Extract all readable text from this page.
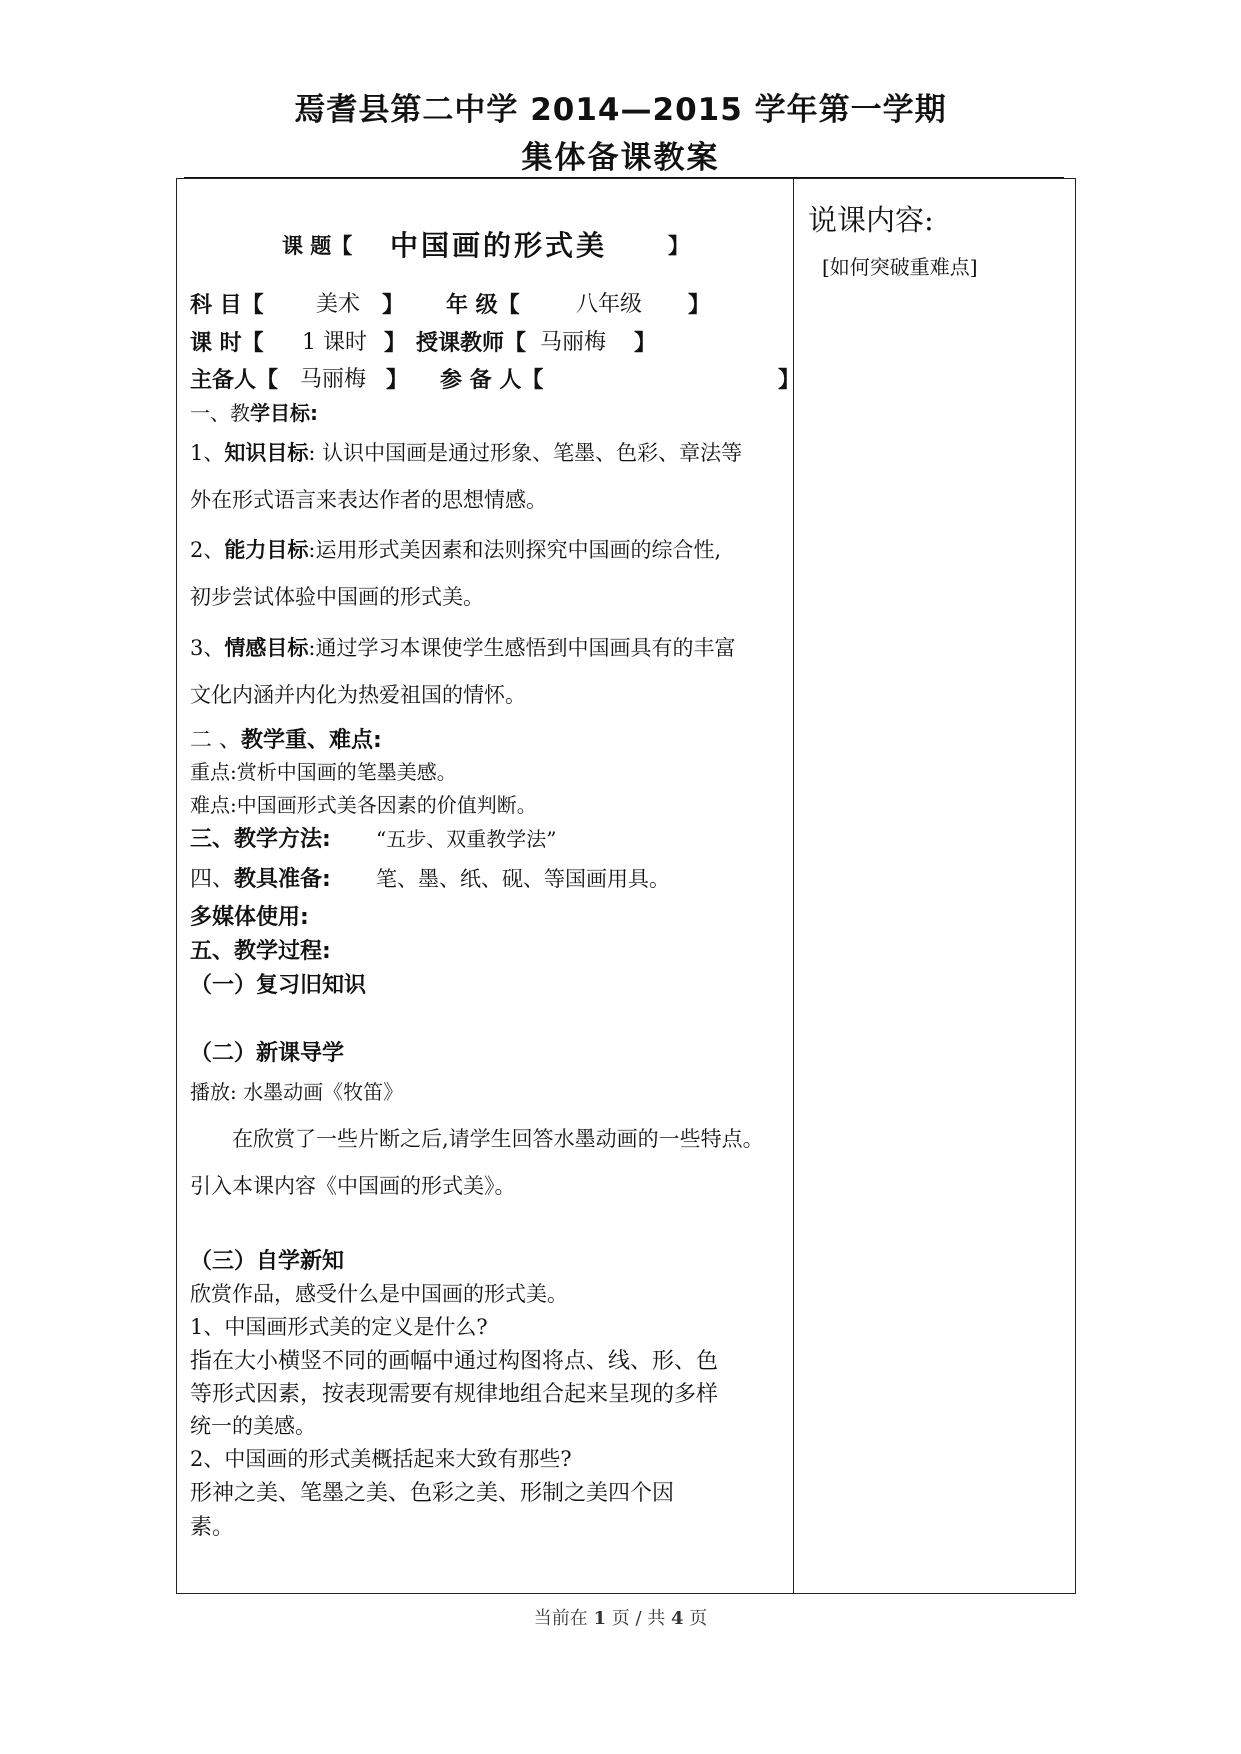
焉耆县第二中学 2014—2015 学年第一学期
集体备课教案
课 题【 中国画的形式美	】
科 目【 美术 】 年 级【	八年级 】
课 时【 1 课时 】 授课教师【 马丽梅 】
主备人【 马丽梅 】 参 备 人【	】
一、教学目标:
1、知识目标: 认识中国画是通过形象、笔墨、色彩、章法等
外在形式语言来表达作者的思想情感。
2、能力目标:运用形式美因素和法则探究中国画的综合性,
初步尝试体验中国画的形式美。
3、情感目标:通过学习本课使学生感悟到中国画具有的丰富
文化内涵并内化为热爱祖国的情怀。
二 、教学重、难点:
重点:赏析中国画的笔墨美感。
难点:中国画形式美各因素的价值判断。
三、教学方法: “五步、双重教学法”
四、教具准备: 笔、墨、纸、砚、等国画用具。
多媒体使用:
五、教学过程:
（一）复习旧知识
（二）新课导学
播放: 水墨动画《牧笛》
在欣赏了一些片断之后,请学生回答水墨动画的一些特点。
引入本课内容《中国画的形式美》。
（三）自学新知
欣赏作品，感受什么是中国画的形式美。
1、中国画形式美的定义是什么?
指在大小横竖不同的画幅中通过构图将点、线、形、色
等形式因素，按表现需要有规律地组合起来呈现的多样
统一的美感。
2、中国画的形式美概括起来大致有那些?
形神之美、笔墨之美、色彩之美、形制之美四个因
素。
说课内容:
[如何突破重难点]
当前在 1 页 / 共 4 页
